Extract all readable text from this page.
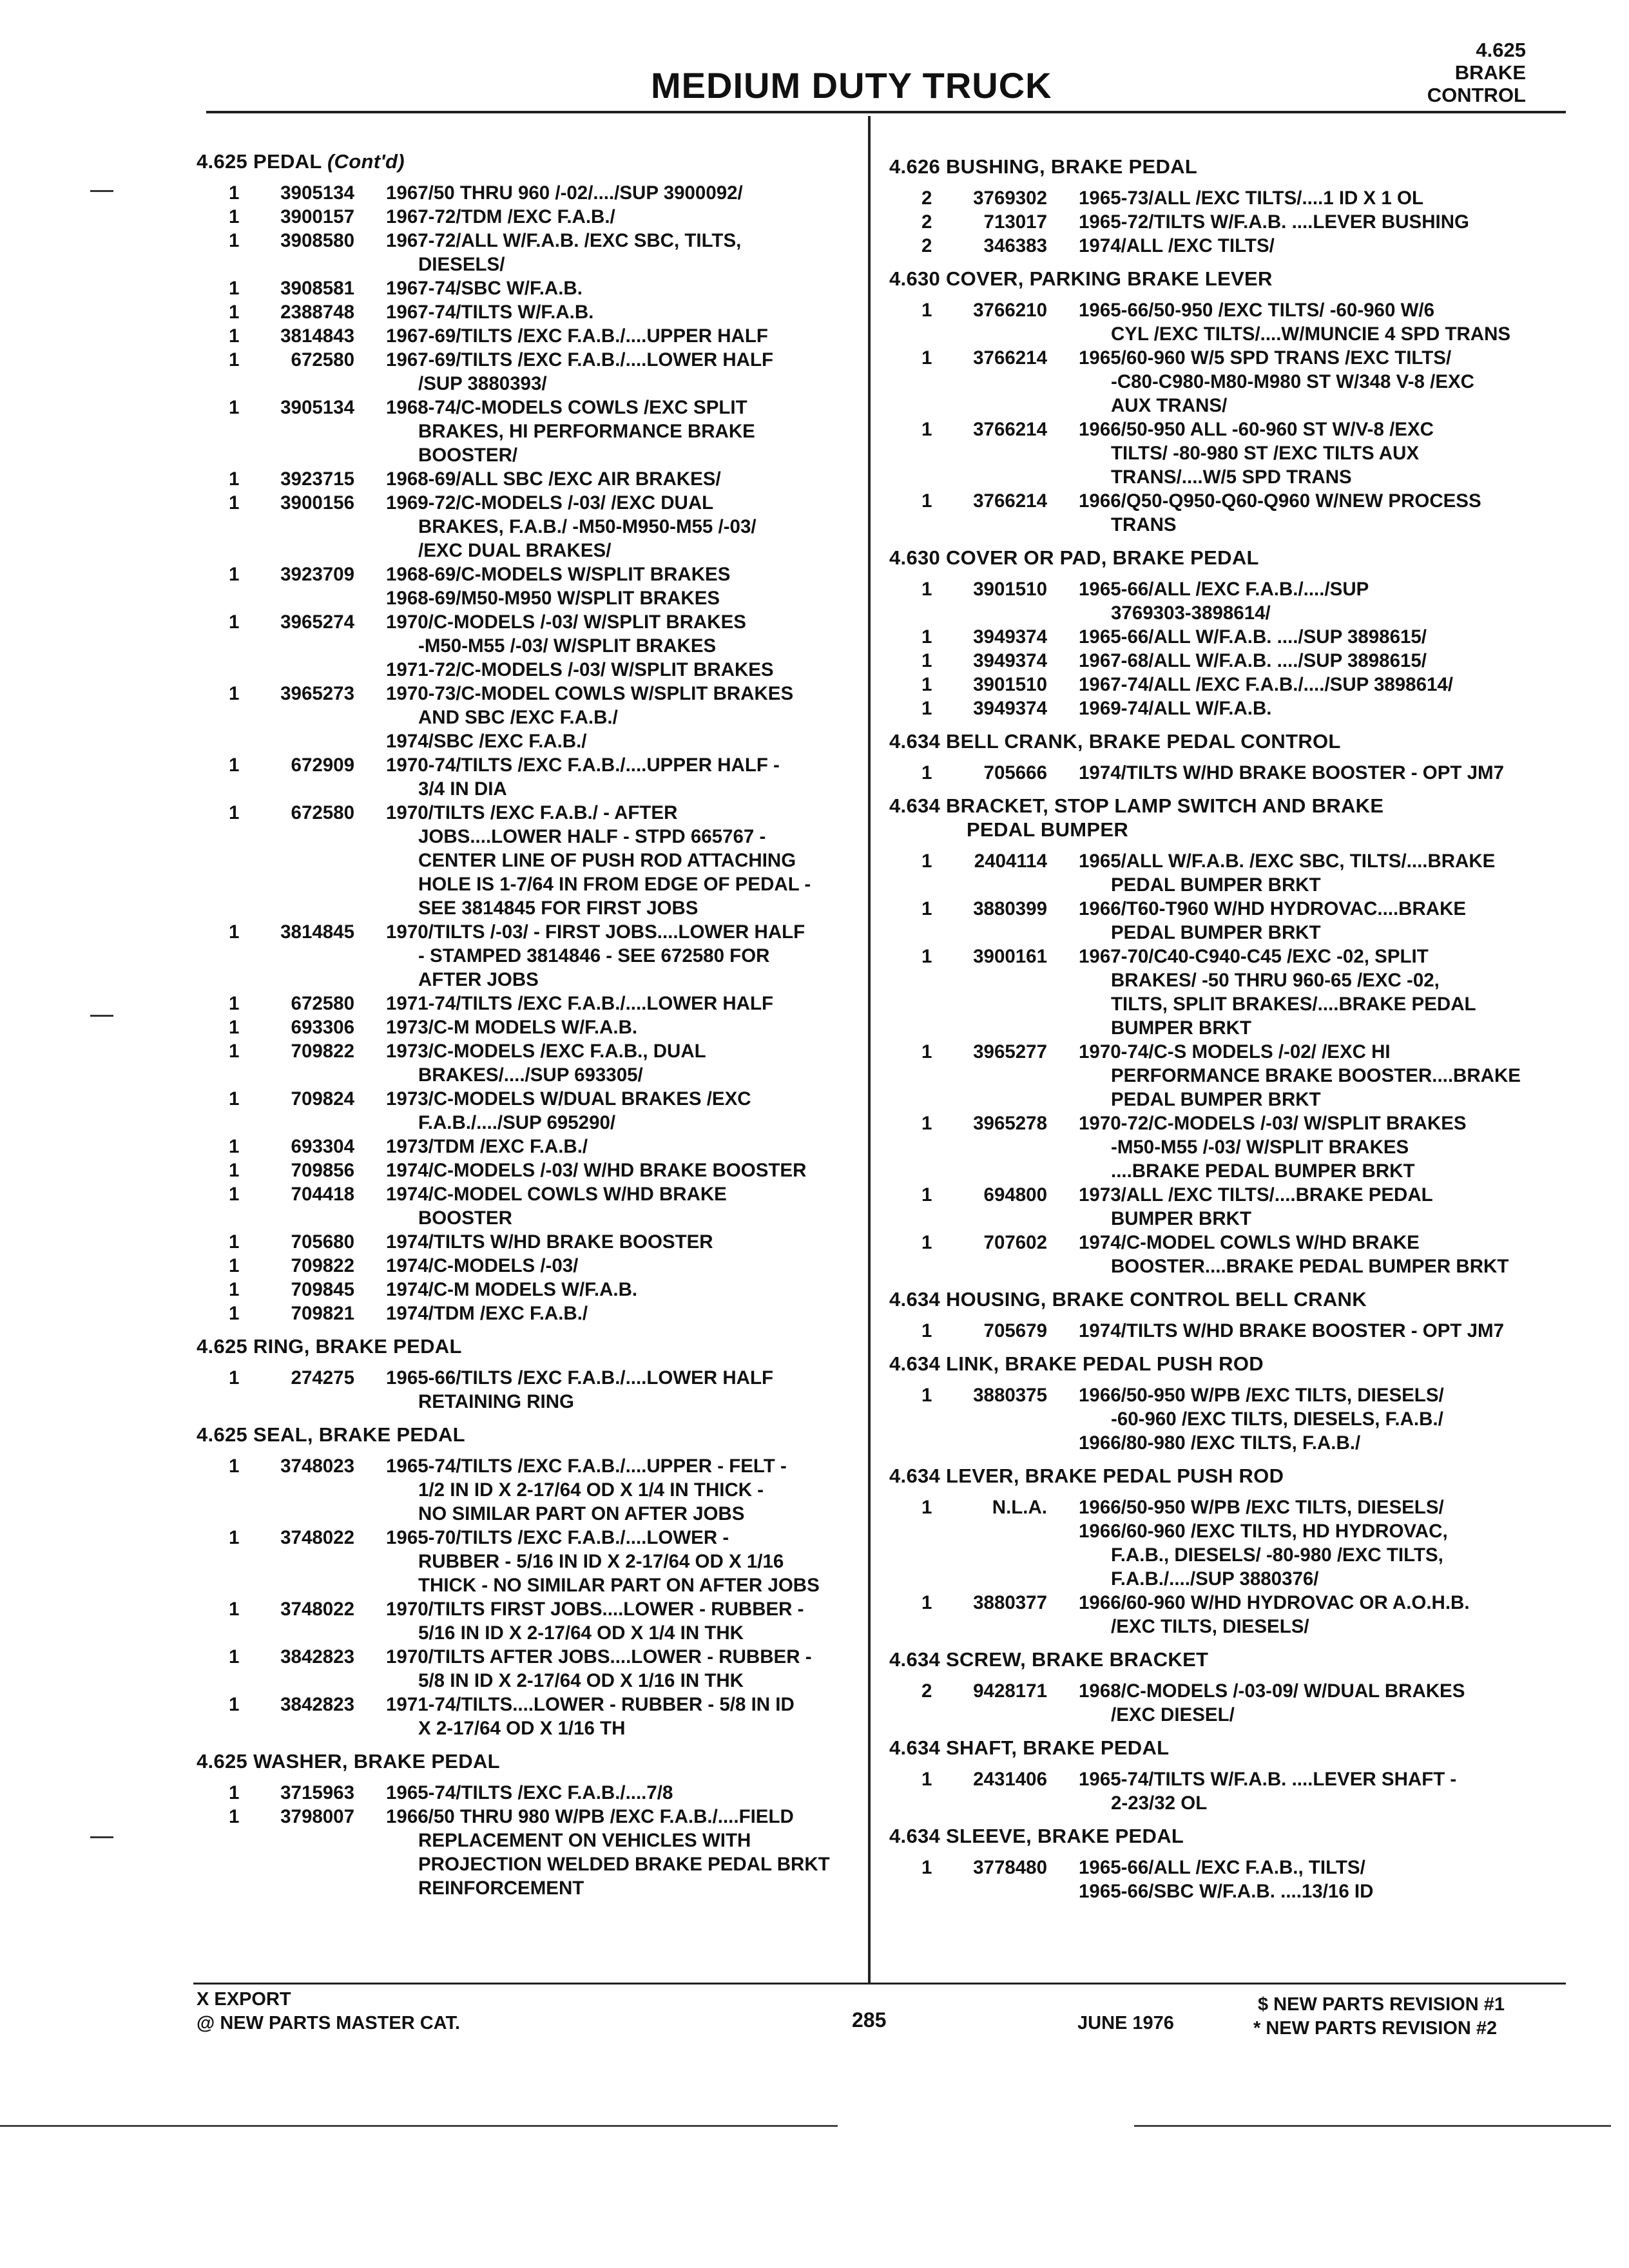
MEDIUM DUTY TRUCK
4.625
BRAKE
CONTROL
4.625 PEDAL (Cont'd)
1	3905134	1967/50 THRU 960 /-02/..../SUP 3900092/
1	3900157	1967-72/TDM /EXC F.A.B./
1	3908580	1967-72/ALL W/F.A.B. /EXC SBC, TILTS,
DIESELS/
1	3908581	1967-74/SBC W/F.A.B.
1	2388748	1967-74/TILTS W/F.A.B.
1	3814843	1967-69/TILTS /EXC F.A.B./....UPPER HALF
1	672580	1967-69/TILTS /EXC F.A.B./....LOWER HALF
/SUP 3880393/
1	3905134	1968-74/C-MODELS COWLS /EXC SPLIT
BRAKES, HI PERFORMANCE BRAKE
BOOSTER/
1	3923715	1968-69/ALL SBC /EXC AIR BRAKES/
1	3900156	1969-72/C-MODELS /-03/ /EXC DUAL
BRAKES, F.A.B./ -M50-M950-M55 /-03/
/EXC DUAL BRAKES/
1	3923709	1968-69/C-MODELS W/SPLIT BRAKES
1968-69/M50-M950 W/SPLIT BRAKES
1	3965274	1970/C-MODELS /-03/ W/SPLIT BRAKES
-M50-M55 /-03/ W/SPLIT BRAKES
1971-72/C-MODELS /-03/ W/SPLIT BRAKES
1	3965273	1970-73/C-MODEL COWLS W/SPLIT BRAKES
AND SBC /EXC F.A.B./
1974/SBC /EXC F.A.B./
1	672909	1970-74/TILTS /EXC F.A.B./....UPPER HALF -
3/4 IN DIA
1	672580	1970/TILTS /EXC F.A.B./ - AFTER
JOBS....LOWER HALF - STPD 665767 -
CENTER LINE OF PUSH ROD ATTACHING
HOLE IS 1-7/64 IN FROM EDGE OF PEDAL -
SEE 3814845 FOR FIRST JOBS
1	3814845	1970/TILTS /-03/ - FIRST JOBS....LOWER HALF
- STAMPED 3814846 - SEE 672580 FOR
AFTER JOBS
1	672580	1971-74/TILTS /EXC F.A.B./....LOWER HALF
1	693306	1973/C-M MODELS W/F.A.B.
1	709822	1973/C-MODELS /EXC F.A.B., DUAL
BRAKES/..../SUP 693305/
1	709824	1973/C-MODELS W/DUAL BRAKES /EXC
F.A.B./..../SUP 695290/
1	693304	1973/TDM /EXC F.A.B./
1	709856	1974/C-MODELS /-03/ W/HD BRAKE BOOSTER
1	704418	1974/C-MODEL COWLS W/HD BRAKE
BOOSTER
1	705680	1974/TILTS W/HD BRAKE BOOSTER
1	709822	1974/C-MODELS /-03/
1	709845	1974/C-M MODELS W/F.A.B.
1	709821	1974/TDM /EXC F.A.B./
4.625 RING, BRAKE PEDAL
1	274275	1965-66/TILTS /EXC F.A.B./....LOWER HALF
RETAINING RING
4.625 SEAL, BRAKE PEDAL
1	3748023	1965-74/TILTS /EXC F.A.B./....UPPER - FELT -
1/2 IN ID X 2-17/64 OD X 1/4 IN THICK -
NO SIMILAR PART ON AFTER JOBS
1	3748022	1965-70/TILTS /EXC F.A.B./....LOWER -
RUBBER - 5/16 IN ID X 2-17/64 OD X 1/16
THICK - NO SIMILAR PART ON AFTER JOBS
1	3748022	1970/TILTS FIRST JOBS....LOWER - RUBBER -
5/16 IN ID X 2-17/64 OD X 1/4 IN THK
1	3842823	1970/TILTS AFTER JOBS....LOWER - RUBBER -
5/8 IN ID X 2-17/64 OD X 1/16 IN THK
1	3842823	1971-74/TILTS....LOWER - RUBBER - 5/8 IN ID
X 2-17/64 OD X 1/16 TH
4.625 WASHER, BRAKE PEDAL
1	3715963	1965-74/TILTS /EXC F.A.B./....7/8
1	3798007	1966/50 THRU 980 W/PB /EXC F.A.B./....FIELD
REPLACEMENT ON VEHICLES WITH
PROJECTION WELDED BRAKE PEDAL BRKT
REINFORCEMENT
4.626 BUSHING, BRAKE PEDAL
2	3769302	1965-73/ALL /EXC TILTS/....1 ID X 1 OL
2	713017	1965-72/TILTS W/F.A.B. ....LEVER BUSHING
2	346383	1974/ALL /EXC TILTS/
4.630 COVER, PARKING BRAKE LEVER
1	3766210	1965-66/50-950 /EXC TILTS/ -60-960 W/6
CYL /EXC TILTS/....W/MUNCIE 4 SPD TRANS
1	3766214	1965/60-960 W/5 SPD TRANS /EXC TILTS/
-C80-C980-M80-M980 ST W/348 V-8 /EXC
AUX TRANS/
1	3766214	1966/50-950 ALL -60-960 ST W/V-8 /EXC
TILTS/ -80-980 ST /EXC TILTS AUX
TRANS/....W/5 SPD TRANS
1	3766214	1966/Q50-Q950-Q60-Q960 W/NEW PROCESS
TRANS
4.630 COVER OR PAD, BRAKE PEDAL
1	3901510	1965-66/ALL /EXC F.A.B./..../SUP
3769303-3898614/
1	3949374	1965-66/ALL W/F.A.B. ..../SUP 3898615/
1	3949374	1967-68/ALL W/F.A.B. ..../SUP 3898615/
1	3901510	1967-74/ALL /EXC F.A.B./..../SUP 3898614/
1	3949374	1969-74/ALL W/F.A.B.
4.634 BELL CRANK, BRAKE PEDAL CONTROL
1	705666	1974/TILTS W/HD BRAKE BOOSTER - OPT JM7
4.634 BRACKET, STOP LAMP SWITCH AND BRAKE
PEDAL BUMPER
1	2404114	1965/ALL W/F.A.B. /EXC SBC, TILTS/....BRAKE
PEDAL BUMPER BRKT
1	3880399	1966/T60-T960 W/HD HYDROVAC....BRAKE
PEDAL BUMPER BRKT
1	3900161	1967-70/C40-C940-C45 /EXC -02, SPLIT
BRAKES/ -50 THRU 960-65 /EXC -02,
TILTS, SPLIT BRAKES/....BRAKE PEDAL
BUMPER BRKT
1	3965277	1970-74/C-S MODELS /-02/ /EXC HI
PERFORMANCE BRAKE BOOSTER....BRAKE
PEDAL BUMPER BRKT
1	3965278	1970-72/C-MODELS /-03/ W/SPLIT BRAKES
-M50-M55 /-03/ W/SPLIT BRAKES
....BRAKE PEDAL BUMPER BRKT
1	694800	1973/ALL /EXC TILTS/....BRAKE PEDAL
BUMPER BRKT
1	707602	1974/C-MODEL COWLS W/HD BRAKE
BOOSTER....BRAKE PEDAL BUMPER BRKT
4.634 HOUSING, BRAKE CONTROL BELL CRANK
1	705679	1974/TILTS W/HD BRAKE BOOSTER - OPT JM7
4.634 LINK, BRAKE PEDAL PUSH ROD
1	3880375	1966/50-950 W/PB /EXC TILTS, DIESELS/
-60-960 /EXC TILTS, DIESELS, F.A.B./
1966/80-980 /EXC TILTS, F.A.B./
4.634 LEVER, BRAKE PEDAL PUSH ROD
1	N.L.A.	1966/50-950 W/PB /EXC TILTS, DIESELS/
1966/60-960 /EXC TILTS, HD HYDROVAC,
F.A.B., DIESELS/ -80-980 /EXC TILTS,
F.A.B./..../SUP 3880376/
1	3880377	1966/60-960 W/HD HYDROVAC OR A.O.H.B.
/EXC TILTS, DIESELS/
4.634 SCREW, BRAKE BRACKET
2	9428171	1968/C-MODELS /-03-09/ W/DUAL BRAKES
/EXC DIESEL/
4.634 SHAFT, BRAKE PEDAL
1	2431406	1965-74/TILTS W/F.A.B. ....LEVER SHAFT -
2-23/32 OL
4.634 SLEEVE, BRAKE PEDAL
1	3778480	1965-66/ALL /EXC F.A.B., TILTS/
1965-66/SBC W/F.A.B. ....13/16 ID
X EXPORT
@ NEW PARTS MASTER CAT.	285	JUNE 1976
$ NEW PARTS REVISION #1
* NEW PARTS REVISION #2
